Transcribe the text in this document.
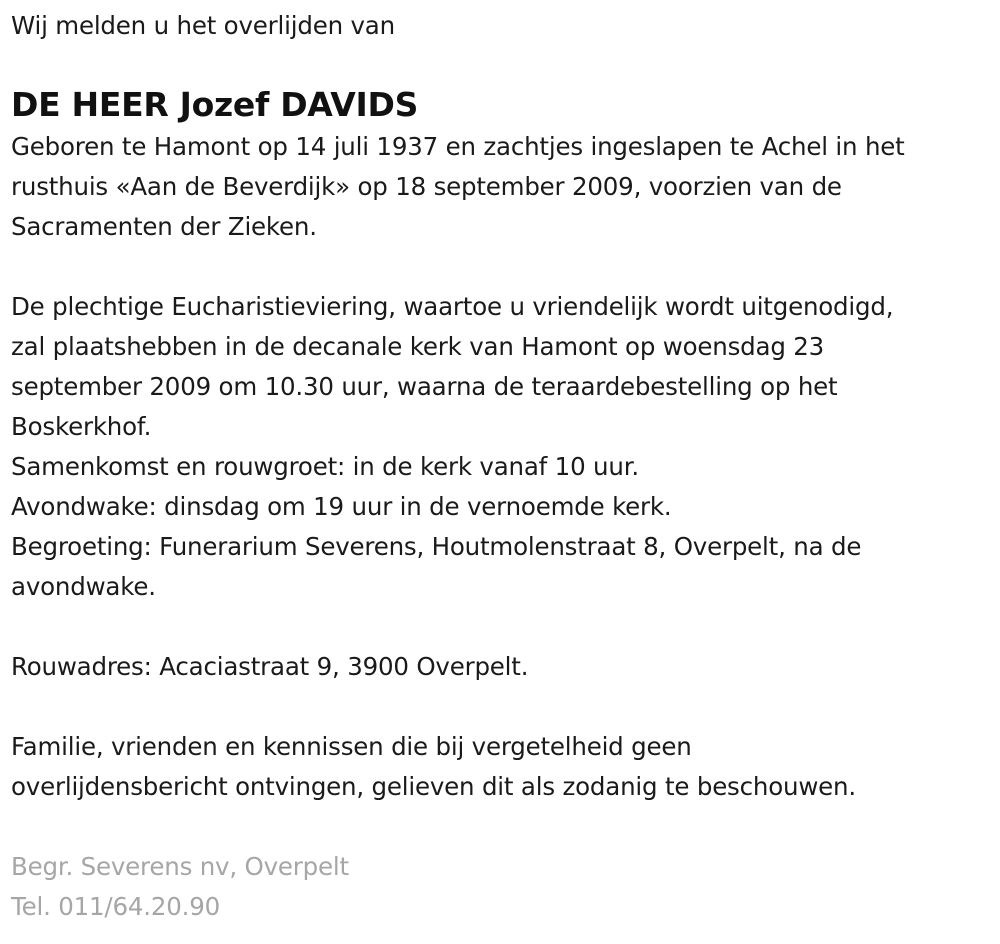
Wij melden u het overlijden van
DE HEER Jozef DAVIDS
Geboren te Hamont op 14 juli 1937 en zachtjes ingeslapen te Achel in het
rusthuis «Aan de Beverdijk» op 18 september 2009, voorzien van de
Sacramenten der Zieken.
De plechtige Eucharistieviering, waartoe u vriendelijk wordt uitgenodigd,
zal plaatshebben in de decanale kerk van Hamont op woensdag 23
september 2009 om 10.30 uur, waarna de teraardebestelling op het
Boskerkhof.
Samenkomst en rouwgroet: in de kerk vanaf 10 uur.
Avondwake: dinsdag om 19 uur in de vernoemde kerk.
Begroeting: Funerarium Severens, Houtmolenstraat 8, Overpelt, na de
avondwake.
Rouwadres: Acaciastraat 9, 3900 Overpelt.
Familie, vrienden en kennissen die bij vergetelheid geen
overlijdensbericht ontvingen, gelieven dit als zodanig te beschouwen.
Begr. Severens nv, Overpelt
Tel. 011/64.20.90
